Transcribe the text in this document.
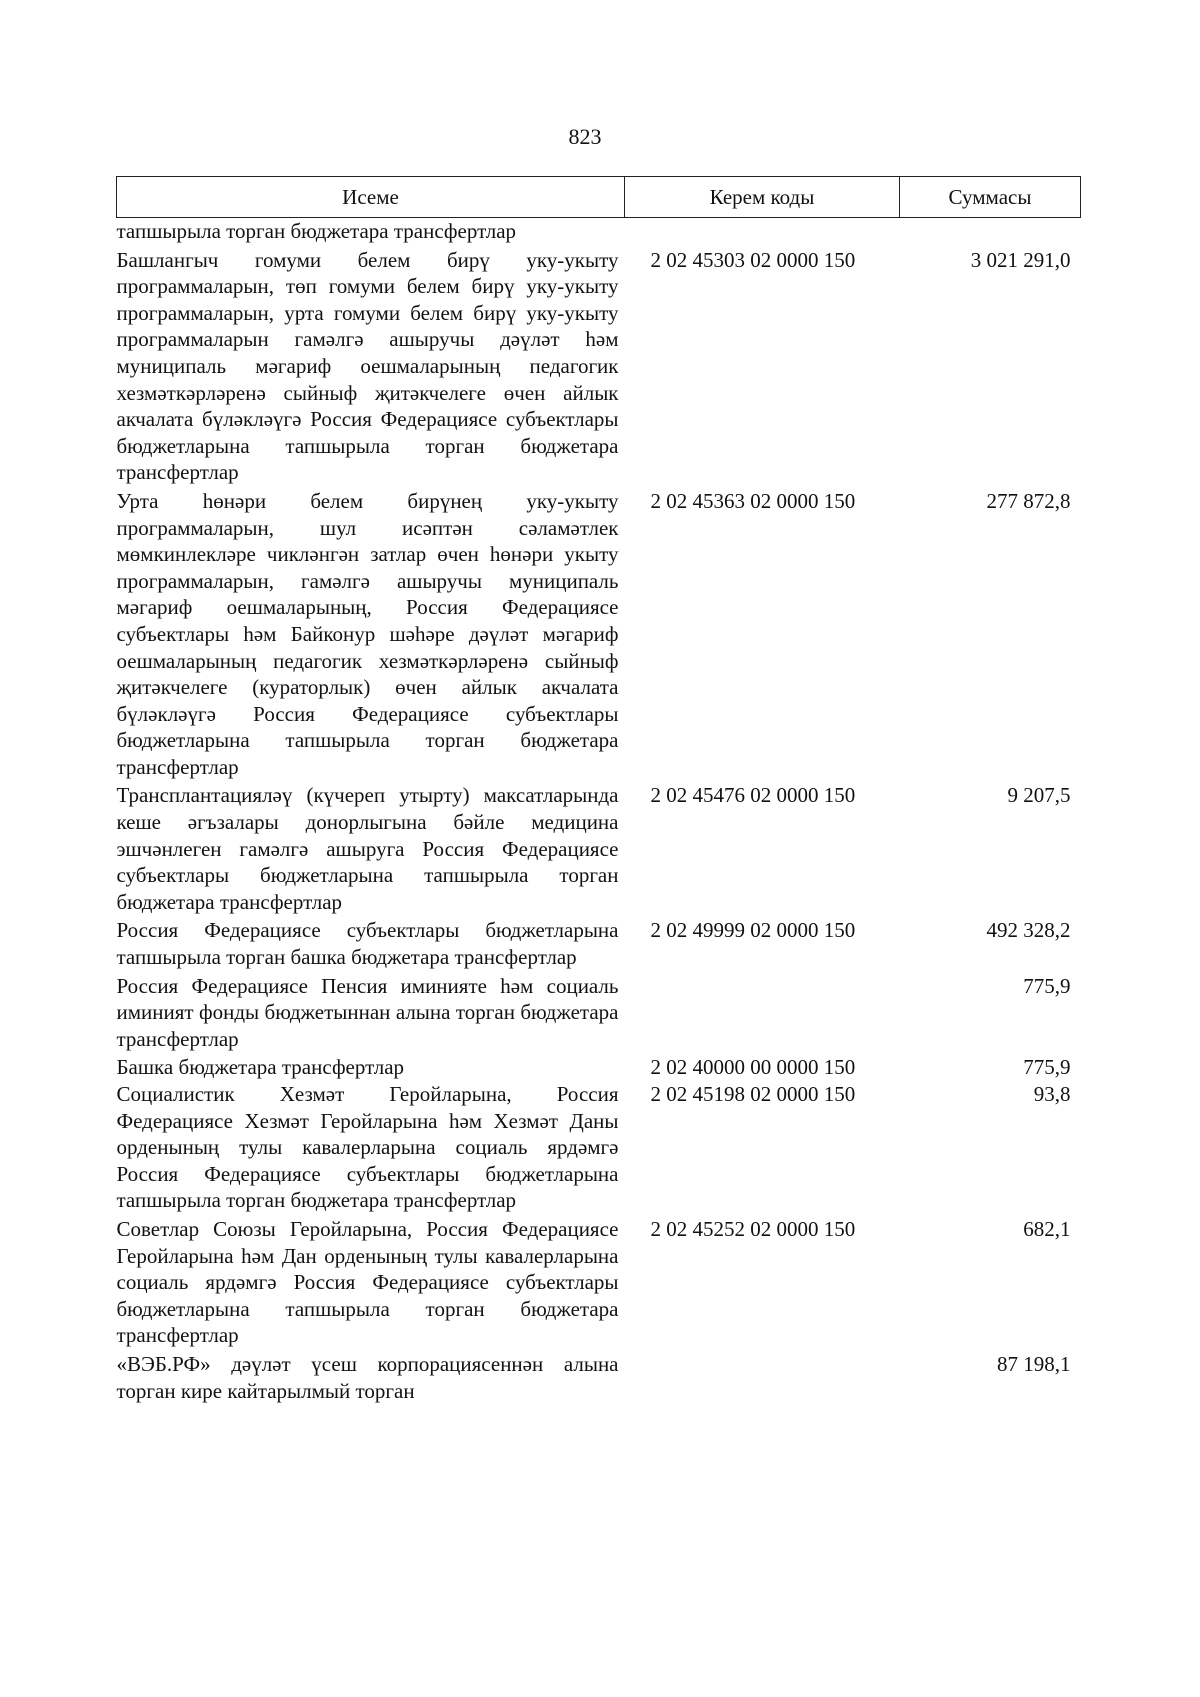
823
Исеме	Керем коды	Суммасы
тапшырыла торган бюджетара трансфертлар		
Башлангыч гомуми белем бирү уку-укыту программаларын, төп гомуми белем бирү уку-укыту программаларын, урта гомуми белем бирү уку-укыту программаларын гамәлгә ашыручы дәүләт һәм муниципаль мәгариф оешмаларының педагогик хезмәткәрләренә сыйныф җитәкчелеге өчен айлык акчалата бүләкләүгә Россия Федерациясе субъектлары бюджетларына тапшырыла торган бюджетара трансфертлар	2 02 45303 02 0000 150	3 021 291,0
Урта һөнәри белем бирүнең уку-укыту программаларын, шул исәптән сәламәтлек мөмкинлекләре чикләнгән затлар өчен һөнәри укыту программаларын, гамәлгә ашыручы муниципаль мәгариф оешмаларының, Россия Федерациясе субъектлары һәм Байконур шәһәре дәүләт мәгариф оешмаларының педагогик хезмәткәрләренә сыйныф җитәкчелеге (кураторлык) өчен айлык акчалата бүләкләүгә Россия Федерациясе субъектлары бюджетларына тапшырыла торган бюджетара трансфертлар	2 02 45363 02 0000 150	277 872,8
Трансплантацияләү (күчереп утырту) максатларында кеше әгъзалары донорлыгына бәйле медицина эшчәнлеген гамәлгә ашыруга Россия Федерациясе субъектлары бюджетларына тапшырыла торган бюджетара трансфертлар	2 02 45476 02 0000 150	9 207,5
Россия Федерациясе субъектлары бюджетларына тапшырыла торган башка бюджетара трансфертлар	2 02 49999 02 0000 150	492 328,2
Россия Федерациясе Пенсия иминияте һәм социаль иминият фонды бюджетыннан алына торган бюджетара трансфертлар		775,9
Башка бюджетара трансфертлар	2 02 40000 00 0000 150	775,9
Социалистик Хезмәт Геройларына, Россия Федерациясе Хезмәт Геройларына һәм Хезмәт Даны орденының тулы кавалерларына социаль ярдәмгә Россия Федерациясе субъектлары бюджетларына тапшырыла торган бюджетара трансфертлар	2 02 45198 02 0000 150	93,8
Советлар Союзы Геройларына, Россия Федерациясе Геройларына һәм Дан орденының тулы кавалерларына социаль ярдәмгә Россия Федерациясе субъектлары бюджетларына тапшырыла торган бюджетара трансфертлар	2 02 45252 02 0000 150	682,1
«ВЭБ.РФ» дәүләт үсеш корпорациясеннән алына торган кире кайтарылмый торган		87 198,1
